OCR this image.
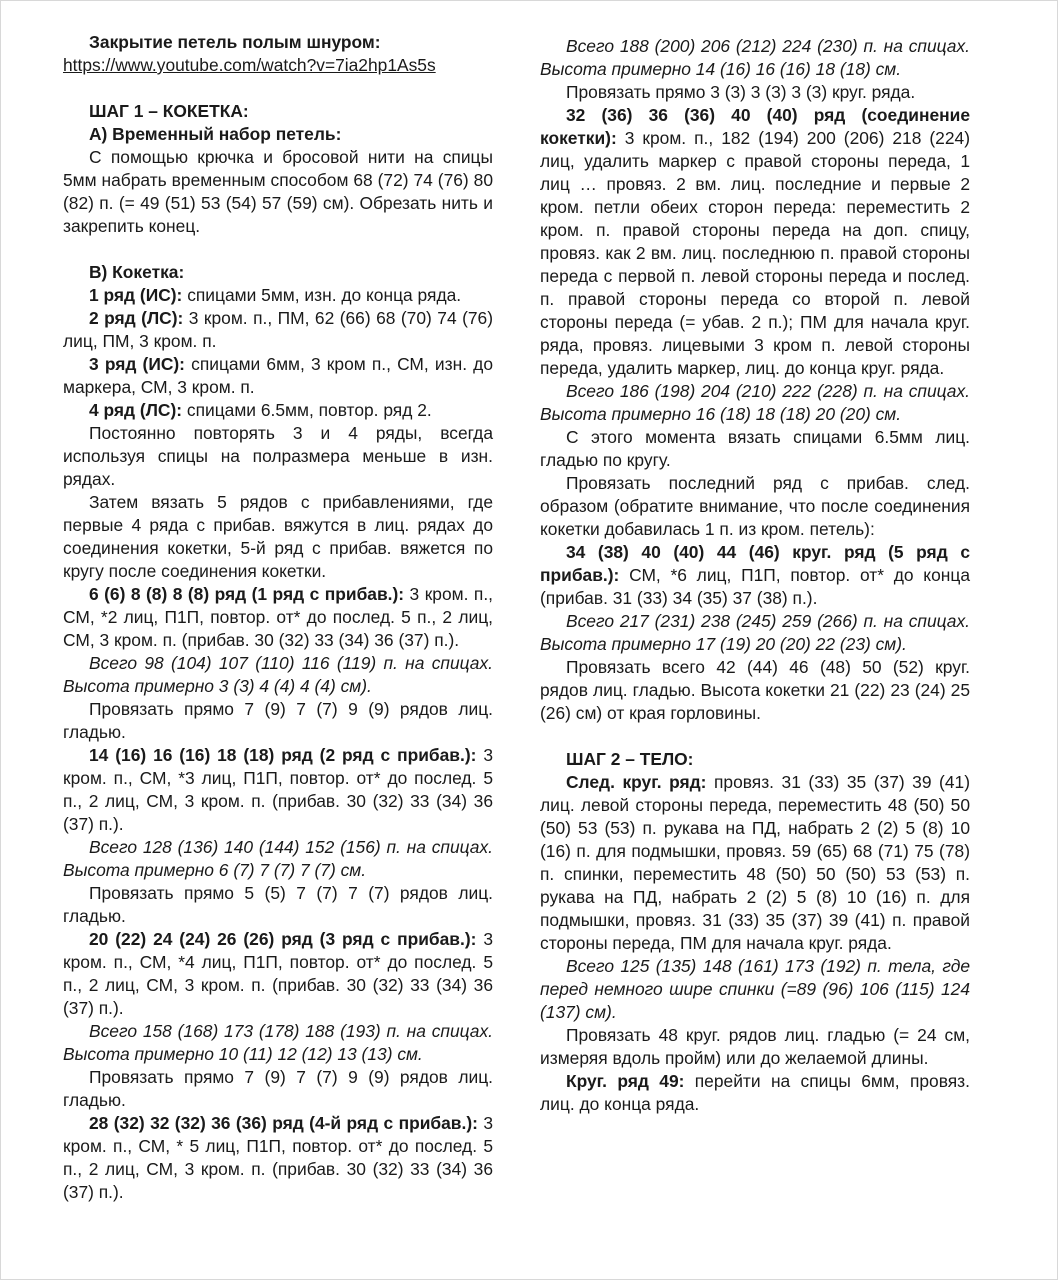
Закрытие петель полым шнуром:

https://www.youtube.com/watch?v=7ia2hp1As5s

ШАГ 1 – КОКЕТКА:

А) Временный набор петель:

С помощью крючка и бросовой нити на спицы 5мм набрать временным способом 68 (72) 74 (76) 80 (82) п. (= 49 (51) 53 (54) 57 (59) см). Обрезать нить и закрепить конец.

В) Кокетка:

1 ряд (ИС): спицами 5мм, изн. до конца ряда.

2 ряд (ЛС): 3 кром. п., ПМ, 62 (66) 68 (70) 74 (76) лиц, ПМ, 3 кром. п.

3 ряд (ИС): спицами 6мм, 3 кром п., СМ, изн. до маркера, СМ, 3 кром. п.

4 ряд (ЛС): спицами 6.5мм, повтор. ряд 2.

Постоянно повторять 3 и 4 ряды, всегда используя спицы на полразмера меньше в изн. рядах.

Затем вязать 5 рядов с прибавлениями, где первые 4 ряда с прибав. вяжутся в лиц. рядах до соединения кокетки, 5-й ряд с прибав. вяжется по кругу после соединения кокетки.

6 (6) 8 (8) 8 (8) ряд (1 ряд с прибав.): 3 кром. п., СМ, *2 лиц, П1П, повтор. от* до послед. 5 п., 2 лиц, СМ, 3 кром. п. (прибав. 30 (32) 33 (34) 36 (37) п.).

Всего 98 (104) 107 (110) 116 (119) п. на спицах. Высота примерно 3 (3) 4 (4) 4 (4) см).

Провязать прямо 7 (9) 7 (7) 9 (9) рядов лиц. гладью.

14 (16) 16 (16) 18 (18) ряд (2 ряд с прибав.): 3 кром. п., СМ, *3 лиц, П1П, повтор. от* до послед. 5 п., 2 лиц, СМ, 3 кром. п. (прибав. 30 (32) 33 (34) 36 (37) п.).

Всего 128 (136) 140 (144) 152 (156) п. на спицах. Высота примерно 6 (7) 7 (7) 7 (7) см.

Провязать прямо 5 (5) 7 (7) 7 (7) рядов лиц. гладью.

20 (22) 24 (24) 26 (26) ряд (3 ряд с прибав.): 3 кром. п., СМ, *4 лиц, П1П, повтор. от* до послед. 5 п., 2 лиц, СМ, 3 кром. п. (прибав. 30 (32) 33 (34) 36 (37) п.).

Всего 158 (168) 173 (178) 188 (193) п. на спицах. Высота примерно 10 (11) 12 (12) 13 (13) см.

Провязать прямо 7 (9) 7 (7) 9 (9) рядов лиц. гладью.

28 (32) 32 (32) 36 (36) ряд (4-й ряд с прибав.): 3 кром. п., СМ, * 5 лиц, П1П, повтор. от* до послед. 5 п., 2 лиц, СМ, 3 кром. п. (прибав. 30 (32) 33 (34) 36 (37) п.).

Всего 188 (200) 206 (212) 224 (230) п. на спицах. Высота примерно 14 (16) 16 (16) 18 (18) см.

Провязать прямо 3 (3) 3 (3) 3 (3) круг. ряда.

32 (36) 36 (36) 40 (40) ряд (соединение кокетки): 3 кром. п., 182 (194) 200 (206) 218 (224) лиц, удалить маркер с правой стороны переда, 1 лиц … провяз. 2 вм. лиц. последние и первые 2 кром. петли обеих сторон переда: переместить 2 кром. п. правой стороны переда на доп. спицу, провяз. как 2 вм. лиц. последнюю п. правой стороны переда с первой п. левой стороны переда и послед. п. правой стороны переда со второй п. левой стороны переда (= убав. 2 п.); ПМ для начала круг. ряда, провяз. лицевыми 3 кром п. левой стороны переда, удалить маркер, лиц. до конца круг. ряда.

Всего 186 (198) 204 (210) 222 (228) п. на спицах. Высота примерно 16 (18) 18 (18) 20 (20) см.

С этого момента вязать спицами 6.5мм лиц. гладью по кругу.

Провязать последний ряд с прибав. след. образом (обратите внимание, что после соединения кокетки добавилась 1 п. из кром. петель):

34 (38) 40 (40) 44 (46) круг. ряд (5 ряд с прибав.): СМ, *6 лиц, П1П, повтор. от* до конца (прибав. 31 (33) 34 (35) 37 (38) п.).

Всего 217 (231) 238 (245) 259 (266) п. на спицах. Высота примерно 17 (19) 20 (20) 22 (23) см).

Провязать всего 42 (44) 46 (48) 50 (52) круг. рядов лиц. гладью. Высота кокетки 21 (22) 23 (24) 25 (26) см) от края горловины.

ШАГ 2 – ТЕЛО:

След. круг. ряд: провяз. 31 (33) 35 (37) 39 (41) лиц. левой стороны переда, переместить 48 (50) 50 (50) 53 (53) п. рукава на ПД, набрать 2 (2) 5 (8) 10 (16) п. для подмышки, провяз. 59 (65) 68 (71) 75 (78) п. спинки, переместить 48 (50) 50 (50) 53 (53) п. рукава на ПД, набрать 2 (2) 5 (8) 10 (16) п. для подмышки, провяз. 31 (33) 35 (37) 39 (41) п. правой стороны переда, ПМ для начала круг. ряда.

Всего 125 (135) 148 (161) 173 (192) п. тела, где перед немного шире спинки (=89 (96) 106 (115) 124 (137) см).

Провязать 48 круг. рядов лиц. гладью (= 24 см, измеряя вдоль пройм) или до желаемой длины.

Круг. ряд 49: перейти на спицы 6мм, провяз. лиц. до конца ряда.
